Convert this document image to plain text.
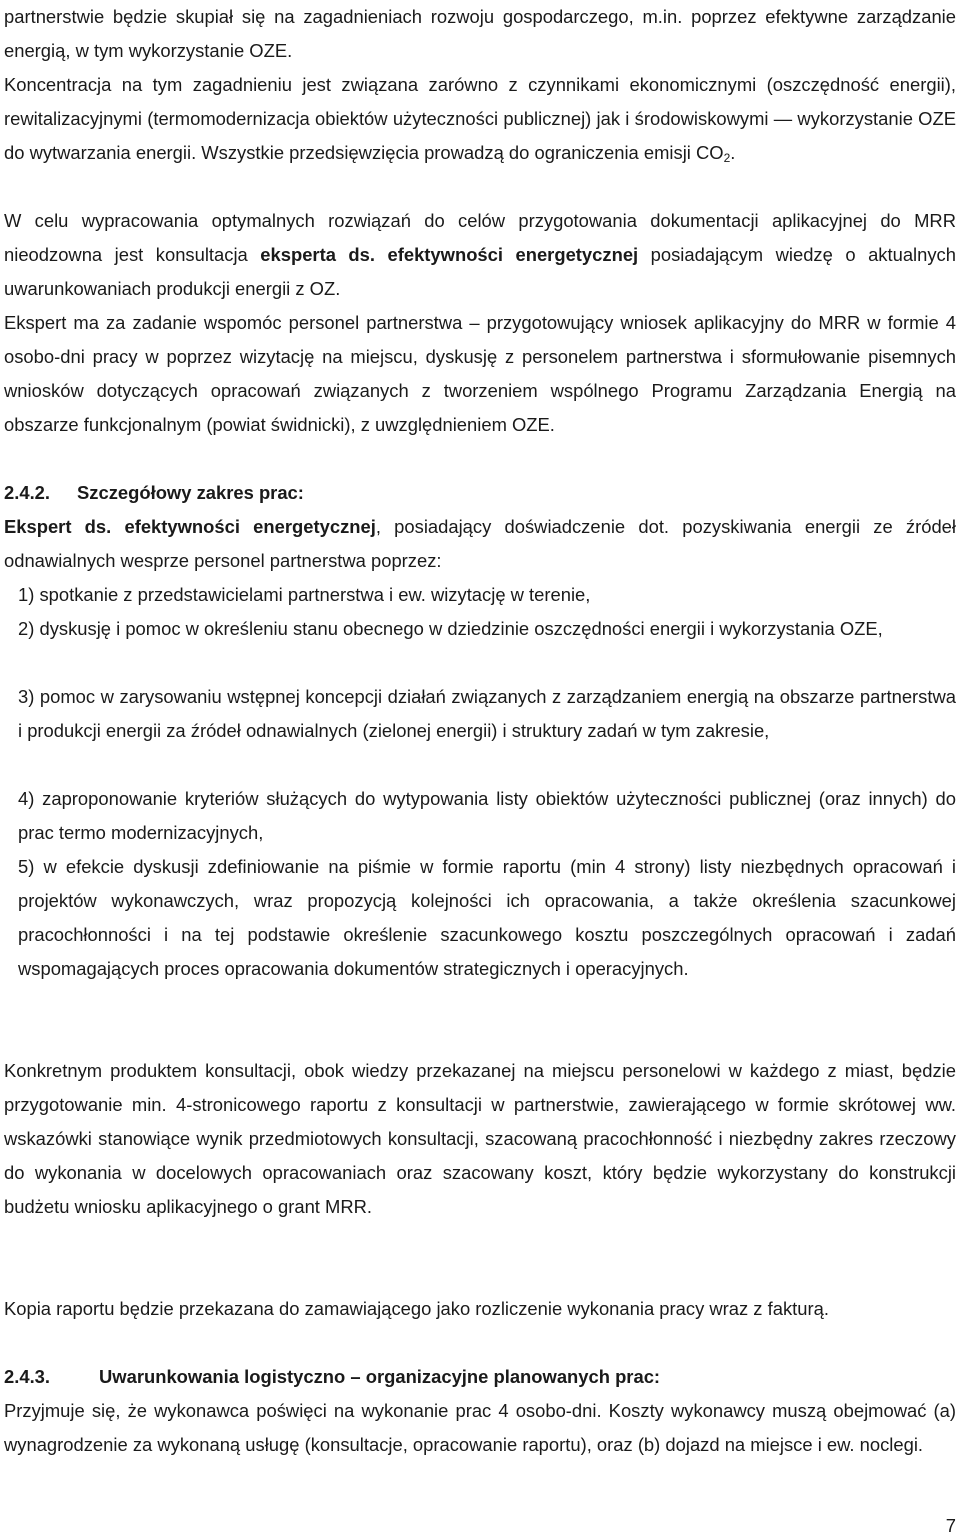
partnerstwie będzie skupiał się na zagadnieniach rozwoju gospodarczego, m.in. poprzez efektywne zarządzanie energią, w tym wykorzystanie OZE.

Koncentracja na tym zagadnieniu jest związana zarówno z czynnikami ekonomicznymi (oszczędność energii), rewitalizacyjnymi (termomodernizacja obiektów użyteczności publicznej) jak i środowiskowymi — wykorzystanie OZE do wytwarzania energii. Wszystkie przedsięwzięcia prowadzą do ograniczenia emisji $CO_2$.

W celu wypracowania optymalnych rozwiązań do celów przygotowania dokumentacji aplikacyjnej do MRR nieodzowna jest konsultacja eksperta ds. efektywności energetycznej posiadającym wiedzę o aktualnych uwarunkowaniach produkcji energii z OZ.

Ekspert ma za zadanie wspomóc personel partnerstwa – przygotowujący wniosek aplikacyjny do MRR w formie 4 osobo-dni pracy w poprzez wizytację na miejscu, dyskusję z personelem partnerstwa i sformułowanie pisemnych wniosków dotyczących opracowań związanych z tworzeniem wspólnego Programu Zarządzania Energią na obszarze funkcjonalnym (powiat świdnicki), z uwzględnieniem OZE.

2.4.2. Szczegółowy zakres prac:

Ekspert ds. efektywności energetycznej, posiadający doświadczenie dot. pozyskiwania energii ze źródeł odnawialnych wesprze personel partnerstwa poprzez:

1) spotkanie z przedstawicielami partnerstwa i ew. wizytację w terenie,

2) dyskusję i pomoc w określeniu stanu obecnego w dziedzinie oszczędności energii i wykorzystania OZE,

3) pomoc w zarysowaniu wstępnej koncepcji działań związanych z zarządzaniem energią na obszarze partnerstwa i produkcji energii za źródeł odnawialnych (zielonej energii) i struktury zadań w tym zakresie,

4) zaproponowanie kryteriów służących do wytypowania listy obiektów użyteczności publicznej (oraz innych) do prac termo modernizacyjnych,

5) w efekcie dyskusji zdefiniowanie na piśmie w formie raportu (min 4 strony) listy niezbędnych opracowań i projektów wykonawczych, wraz propozycją kolejności ich opracowania, a także określenia szacunkowej pracochłonności i na tej podstawie określenie szacunkowego kosztu poszczególnych opracowań i zadań wspomagających proces opracowania dokumentów strategicznych i operacyjnych.

Konkretnym produktem konsultacji, obok wiedzy przekazanej na miejscu personelowi w każdego z miast, będzie przygotowanie min. 4-stronicowego raportu z konsultacji w partnerstwie, zawierającego w formie skrótowej ww. wskazówki stanowiące wynik przedmiotowych konsultacji, szacowaną pracochłonność i niezbędny zakres rzeczowy do wykonania w docelowych opracowaniach oraz szacowany koszt, który będzie wykorzystany do konstrukcji budżetu wniosku aplikacyjnego o grant MRR.

Kopia raportu będzie przekazana do zamawiającego jako rozliczenie wykonania pracy wraz z fakturą.

2.4.3.	Uwarunkowania logistyczno – organizacyjne planowanych prac:

Przyjmuje się, że wykonawca poświęci na wykonanie prac 4 osobo-dni. Koszty wykonawcy muszą obejmować (a) wynagrodzenie za wykonaną usługę (konsultacje, opracowanie raportu), oraz (b) dojazd na miejsce i ew. noclegi.

7
